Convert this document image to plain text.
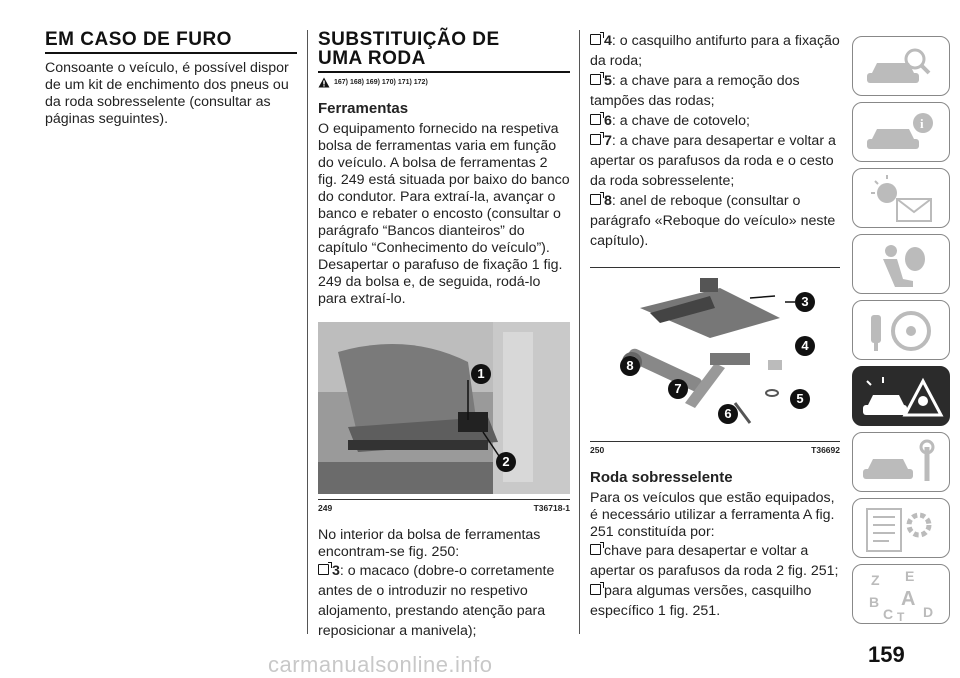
EM CASO DE FURO

Consoante o veículo, é possível dispor de um kit de enchimento dos pneus ou da roda sobresselente (consultar as páginas seguintes).

SUBSTITUIÇÃO DE
UMA RODA
167) 168) 169) 170) 171) 172)
Ferramentas

O equipamento fornecido na respetiva bolsa de ferramentas varia em função do veículo. A bolsa de ferramentas 2 fig. 249 está situada por baixo do banco do condutor. Para extraí-la, avançar o banco e rebater o encosto (consultar o parágrafo “Bancos dianteiros” do capítulo “Conhecimento do veículo”). Desapertar o parafuso de fixação 1 fig. 249 da bolsa e, de seguida, rodá-lo para extraí-lo.

1
2
249	T36718-1

No interior da bolsa de ferramentas encontram-se fig. 250:

3: o macaco (dobre-o corretamente antes de o introduzir no respetivo alojamento, prestando atenção para reposicionar a manivela);

4: o casquilho antifurto para a fixação da roda;

5: a chave para a remoção dos tampões das rodas;

6: a chave de cotovelo;

7: a chave para desapertar e voltar a apertar os parafusos da roda e o cesto da roda sobresselente;

8: anel de reboque (consultar o parágrafo «Reboque do veículo» neste capítulo).

3
4
5
6
7
8
250	T36692
Roda sobresselente

Para os veículos que estão equipados, é necessário utilizar a ferramenta A fig. 251 constituída por:

chave para desapertar e voltar a apertar os parafusos da roda 2 fig. 251;

para algumas versões, casquilho específico 1 fig. 251.

i
Z E
B A
C T D
159
carmanualsonline.info
